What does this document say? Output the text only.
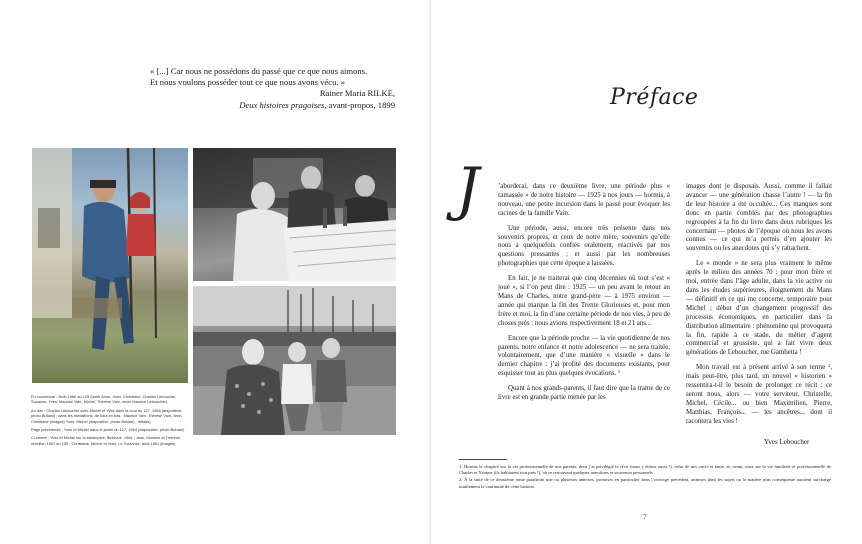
« [...] Car nous ne possédons du passé que ce que nous aimons.
Et nous voulons posséder tout ce que nous avons vécu. »
Rainer Maria RILKE,
Deux histoires pragoises, avant-propos, 1899

En couverture : Noël 1966 au 125 (tante Anne, Jean, Christiane, Charles Leboucher, Suzanne, Yves, Maurice Vain, Michel, Thérèse Vain, oncle Maurice Leboucher).

Au dos : Charles Leboucher avec Michel et Yves dans la cour du 127, 1964 (diapositive, photo Bubasi) ; dans les médaillons, de haut en bas : Maurice Vain, Thérèse Vain, Jean, Christiane (images) Yves, Michel (diapositive, photo Bubasi) - détails).

Page précédente : Yves et Michel dans le jardin du 127, 1964 (diapositive, photo Bubasi).

Ci-contre : Yves et Michel sur la balançoire, Bellevue, 1964 ; Jean, Maurice et Thérèse, réveillon 1957 au 155 ; Christiane, Michel et Yves, Le Guilvinec, août 1961 (images).

Préface
J	’aborderai, dans ce deuxième livre, une période plus « ramassée » de notre histoire — 1925 à nos jours — hormis, à nouveau, une petite incursion dans le passé pour évoquer les racines de la famille Vain.

Une période, aussi, encore très présente dans nos souvenirs propres, et ceux de notre mère, souvenirs qu’elle nous a quelquefois confiés oralement, réactivés par nos questions pressantes ; et aussi par les nombreuses photographies que cette époque a laissées.

En fait, je ne traiterai que cinq décennies où tout s’est « joué », si l’on peut dire : 1925 — un peu avant le retour au Mans de Charles, notre grand-père — à 1975 environ — année qui marque la fin des Trente Glorieuses et, pour mon frère et moi, la fin d’une certaine période de nos vies, à peu de choses près : nous avions respectivement 18 et 21 ans...

Encore que la période proche — la vie quotidienne de nos parents, notre enfance et notre adolescence — ne sera traitée, volontairement, que d’une manière « visuelle » dans le dernier chapitre : j’ai profité des documents existants, pour esquisser tout au plus quelques évocations. ¹

Quant à nos grands-parents, il faut dire que la trame de ce livre est en grande partie menée par les

images dont je disposais. Aussi, comme il fallait avancer — une génération chasse l’autre ! — la fin de leur histoire a été occultée... Ces manques sont donc en partie comblés par des photographies regroupées à la fin du livre dans deux rubriques les concernant — photos de l’époque où nous les avons connus — ce qui m’a permis d’en ajouter les souvenirs ou les anecdotes qui s’y rattachent.

Le « monde » ne sera plus vraiment le même après le milieu des années 70 : pour mon frère et moi, entrée dans l’âge adulte, dans la vie active ou dans les études supérieures, éloignement du Mans — définitif en ce qui me concerne, temporaire pour Michel ; début d’un changement progressif des processus économiques, en particulier dans la distribution alimentaire : phénomène qui provoquera la fin, rapide à ce stade, du métier d’agent commercial et grossiste, qui a fait vivre deux générations de Leboucher, rue Gambetta !

Mon travail est à présent arrivé à son terme ², mais peut-être, plus tard, un nouvel « historien » ressentira-t-il le besoin de prolonger ce récit : ce seront nous, alors — votre serviteur, Christelle, Michel, Cécile... ou bien Maximilien, Pierre, Matthias, François... — les ancêtres... dont il racontera les vies !

Yves Leboucher

1. Hormis le chapitre sur la vie professionnelle de nos parents, dont j’ai privilégié le récit (nous y étions aussi !), celui de nos oncle et tante, et, avant, ceux sur la vie familiale et professionnelle de Charles et Yvonne (ils habitaient tout près !), où se retrouvent quelques anecdotes et souvenirs personnels.

2. À la suite de ce deuxième tome paraîtront une ou plusieurs annexes, promises en particulier dans l’ouvrage précédent, annexes dont les sujets ou la matière plus conséquente auraient surchargé inutilement la continuité de cette histoire.

7
